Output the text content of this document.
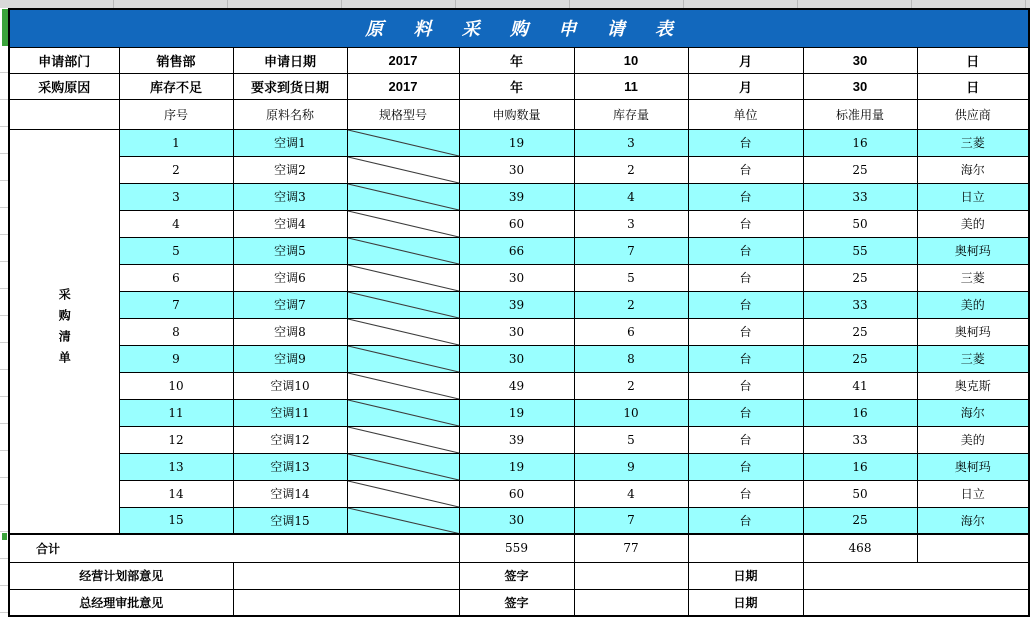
原 料 采 购 申 请 表								
申请部门	销售部	申请日期	2017	年	10	月	30	日
采购原因	库存不足	要求到货日期	2017	年	11	月	30	日
	序号	原料名称	规格型号	申购数量	库存量	单位	标准用量	供应商
采购清单	1	空调1		19	3	台	16	三菱
	2	空调2		30	2	台	25	海尔
	3	空调3		39	4	台	33	日立
	4	空调4		60	3	台	50	美的
	5	空调5		66	7	台	55	奥柯玛
	6	空调6		30	5	台	25	三菱
	7	空调7		39	2	台	33	美的
	8	空调8		30	6	台	25	奥柯玛
	9	空调9		30	8	台	25	三菱
	10	空调10		49	2	台	41	奥克斯
	11	空调11		19	10	台	16	海尔
	12	空调12		39	5	台	33	美的
	13	空调13		19	9	台	16	奥柯玛
	14	空调14		60	4	台	50	日立
	15	空调15		30	7	台	25	海尔
合计				559	77		468	
经营计划部意见				签字		日期		
总经理审批意见				签字		日期		
